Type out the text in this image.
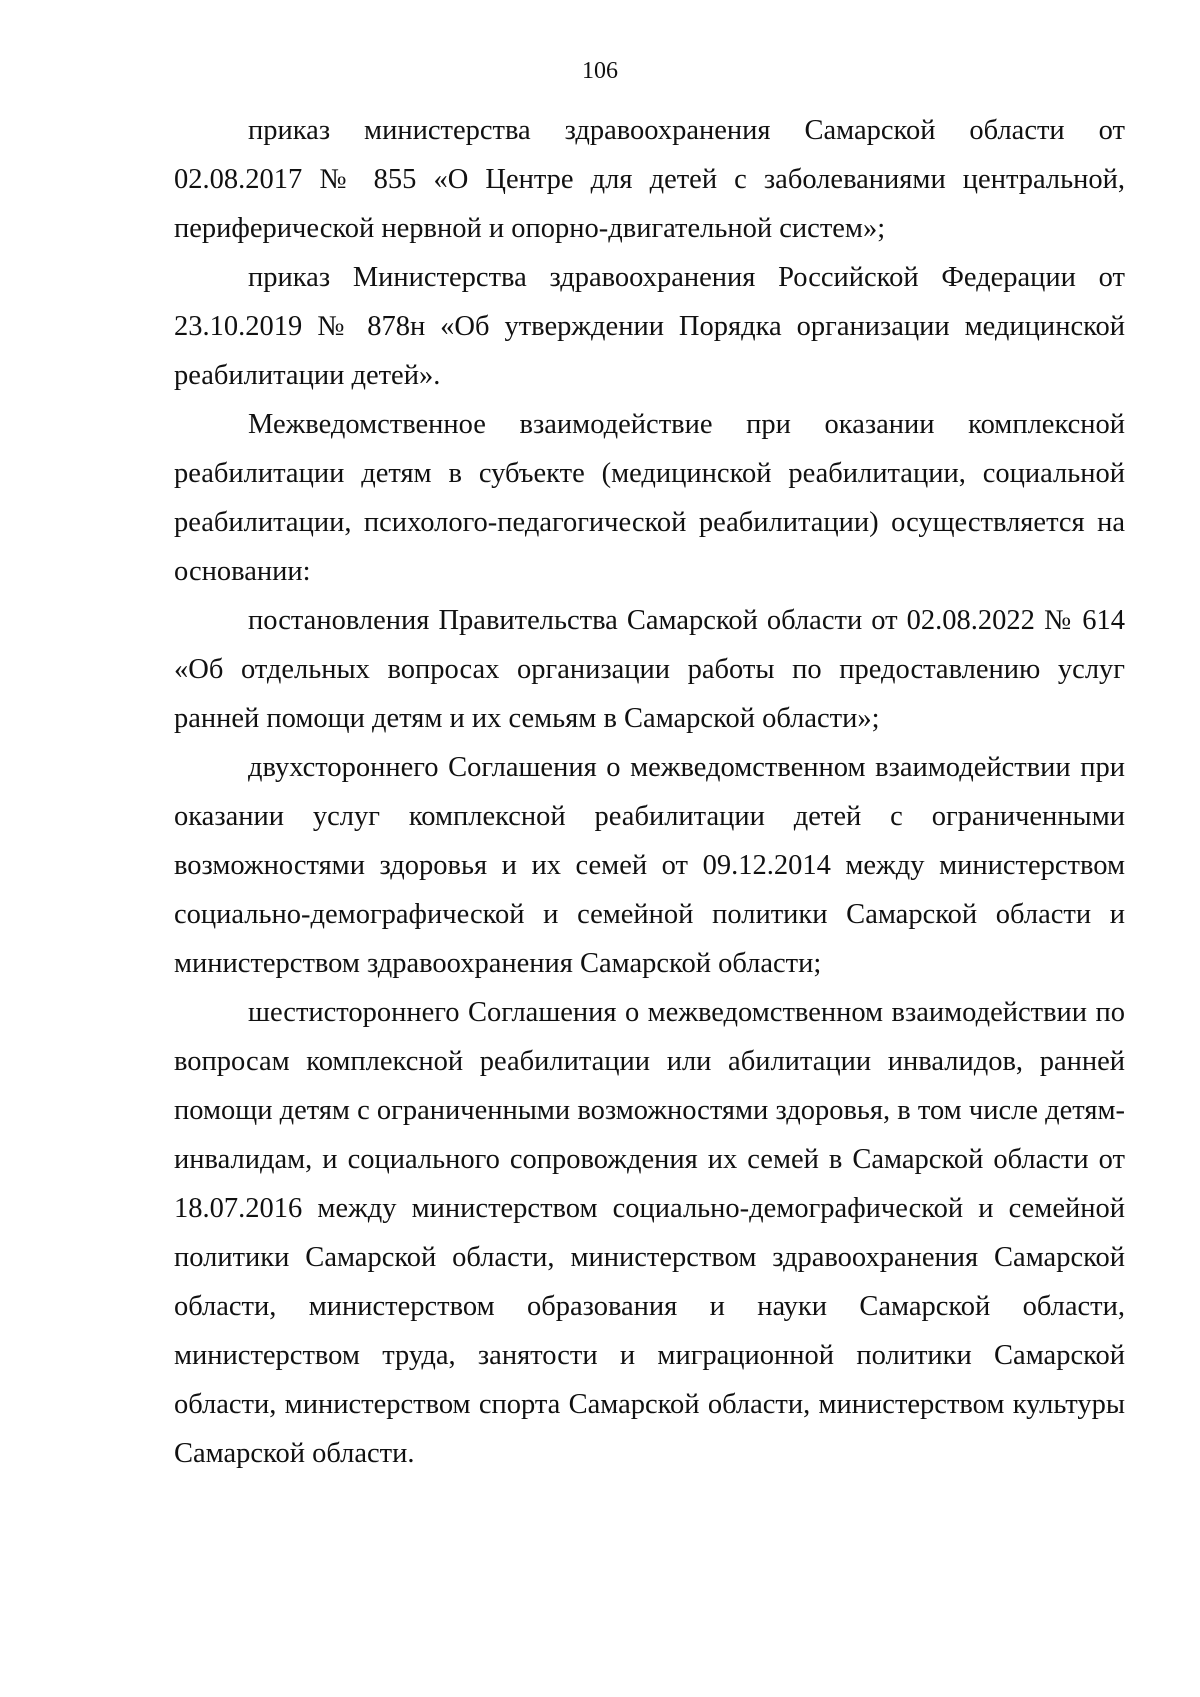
106

приказ министерства здравоохранения Самарской области от 02.08.2017 № 855 «О Центре для детей с заболеваниями центральной, периферической нервной и опорно-двигательной систем»;

приказ Министерства здравоохранения Российской Федерации от 23.10.2019 № 878н «Об утверждении Порядка организации медицинской реабилитации детей».

Межведомственное взаимодействие при оказании комплексной реабилитации детям в субъекте (медицинской реабилитации, социальной реабилитации, психолого-педагогической реабилитации) осуществляется на основании:

постановления Правительства Самарской области от 02.08.2022 № 614 «Об отдельных вопросах организации работы по предоставлению услуг ранней помощи детям и их семьям в Самарской области»;

двухстороннего Соглашения о межведомственном взаимодействии при оказании услуг комплексной реабилитации детей с ограниченными возможностями здоровья и их семей от 09.12.2014 между министерством социально-демографической и семейной политики Самарской области и министерством здравоохранения Самарской области;

шестистороннего Соглашения о межведомственном взаимодействии по вопросам комплексной реабилитации или абилитации инвалидов, ранней помощи детям с ограниченными возможностями здоровья, в том числе детям-инвалидам, и социального сопровождения их семей в Самарской области от 18.07.2016 между министерством социально-демографической и семейной политики Самарской области, министерством здравоохранения Самарской области, министерством образования и науки Самарской области, министерством труда, занятости и миграционной политики Самарской области, министерством спорта Самарской области, министерством культуры Самарской области.
